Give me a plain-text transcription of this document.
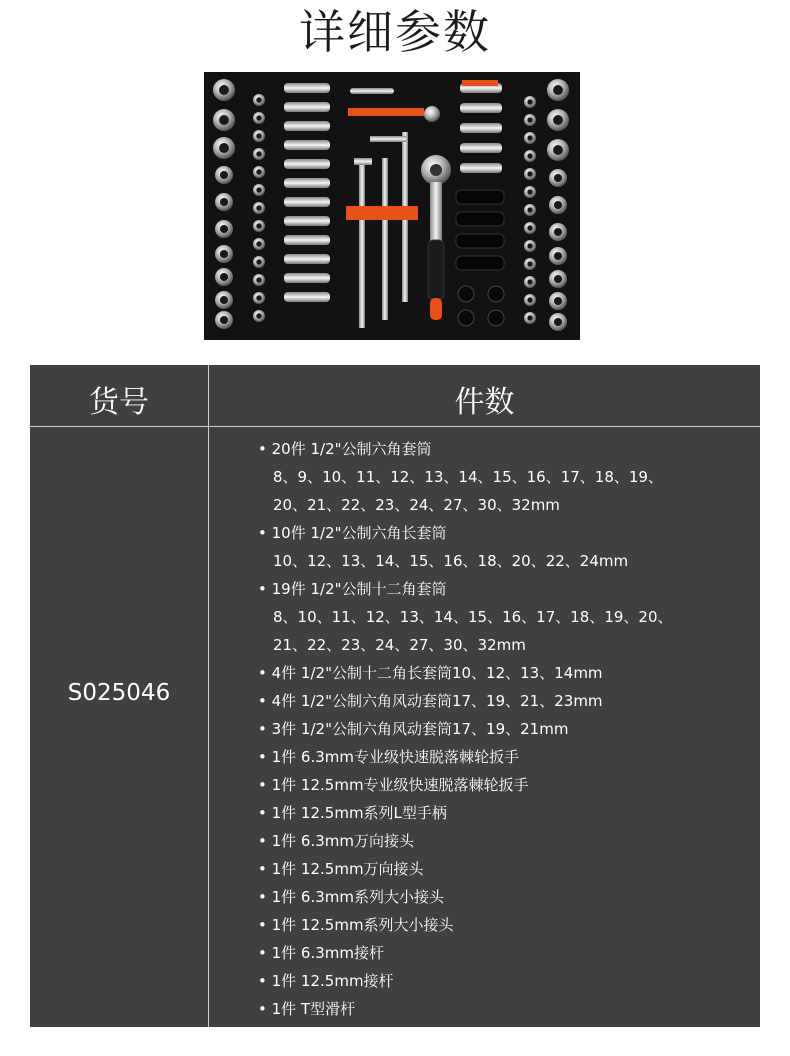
详细参数
货号	件数
S025046
• 20件 1/2"公制六角套筒
8、9、10、11、12、13、14、15、16、17、18、19、
20、21、22、23、24、27、30、32mm
• 10件 1/2"公制六角长套筒
10、12、13、14、15、16、18、20、22、24mm
• 19件 1/2"公制十二角套筒
8、10、11、12、13、14、15、16、17、18、19、20、
21、22、23、24、27、30、32mm
• 4件 1/2"公制十二角长套筒10、12、13、14mm
• 4件 1/2"公制六角风动套筒17、19、21、23mm
• 3件 1/2"公制六角风动套筒17、19、21mm
• 1件 6.3mm专业级快速脱落棘轮扳手
• 1件 12.5mm专业级快速脱落棘轮扳手
• 1件 12.5mm系列L型手柄
• 1件 6.3mm万向接头
• 1件 12.5mm万向接头
• 1件 6.3mm系列大小接头
• 1件 12.5mm系列大小接头
• 1件 6.3mm接杆
• 1件 12.5mm接杆
• 1件 T型滑杆
